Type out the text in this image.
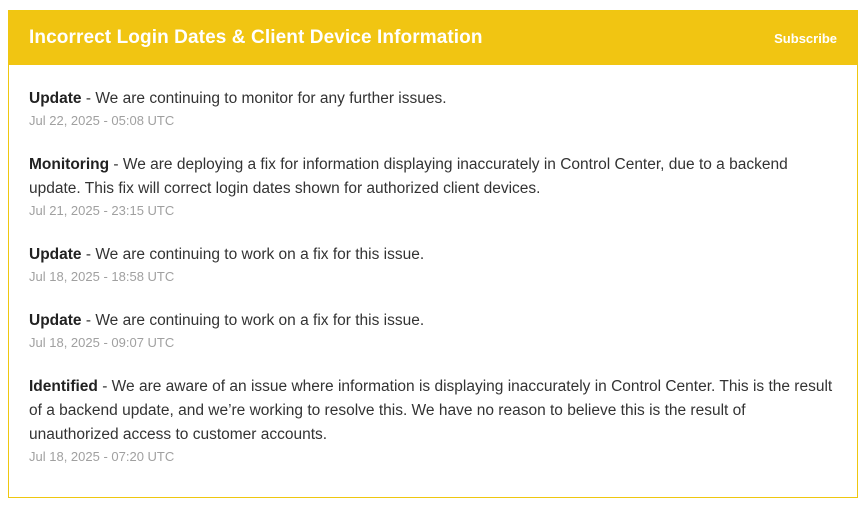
Incorrect Login Dates & Client Device Information	Subscribe

Update - We are continuing to monitor for any further issues.

Jul 22, 2025 - 05:08 UTC

Monitoring - We are deploying a fix for information displaying inaccurately in Control Center, due to a backend update. This fix will correct login dates shown for authorized client devices.

Jul 21, 2025 - 23:15 UTC

Update - We are continuing to work on a fix for this issue.

Jul 18, 2025 - 18:58 UTC

Update - We are continuing to work on a fix for this issue.

Jul 18, 2025 - 09:07 UTC

Identified - We are aware of an issue where information is displaying inaccurately in Control Center. This is the result of a backend update, and we’re working to resolve this. We have no reason to believe this is the result of unauthorized access to customer accounts.

Jul 18, 2025 - 07:20 UTC
